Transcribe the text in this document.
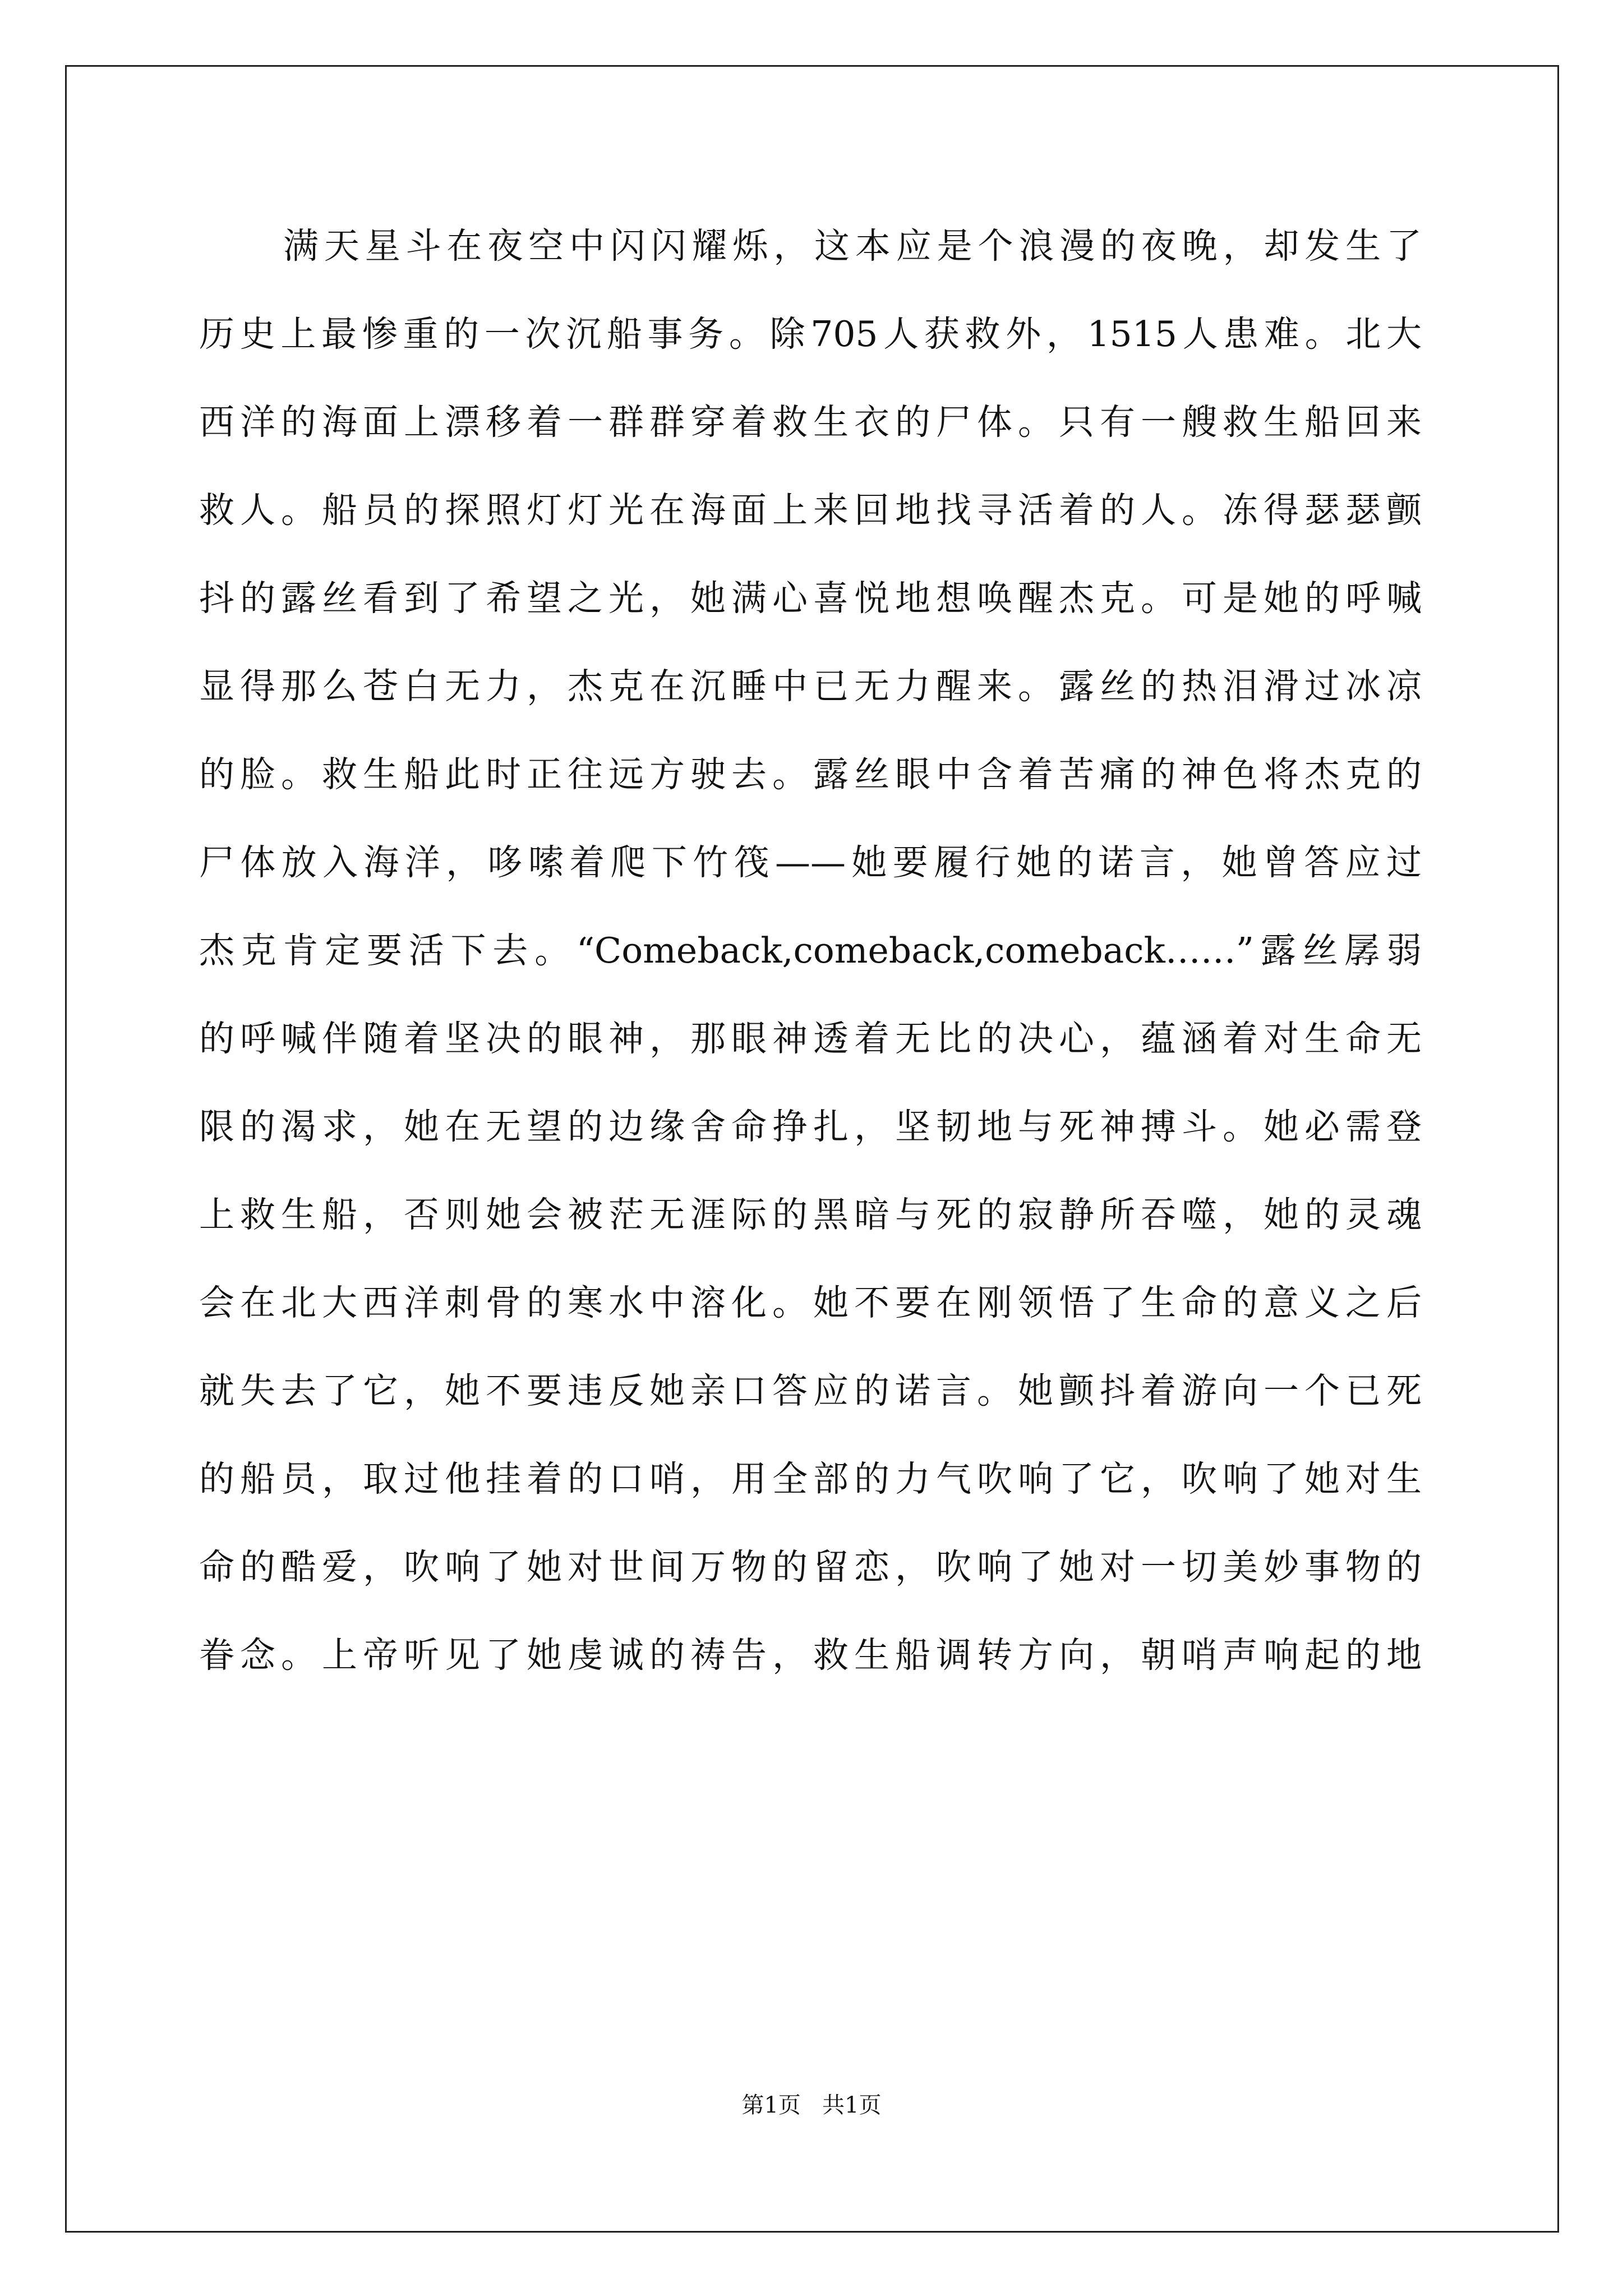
满天星斗在夜空中闪闪耀烁，这本应是个浪漫的夜晚，却发生了
历史上最惨重的一次沉船事务。除705人获救外，1515人患难。北大
西洋的海面上漂移着一群群穿着救生衣的尸体。只有一艘救生船回来
救人。船员的探照灯灯光在海面上来回地找寻活着的人。冻得瑟瑟颤
抖的露丝看到了希望之光，她满心喜悦地想唤醒杰克。可是她的呼喊
显得那么苍白无力，杰克在沉睡中已无力醒来。露丝的热泪滑过冰凉
的脸。救生船此时正往远方驶去。露丝眼中含着苦痛的神色将杰克的
尸体放入海洋，哆嗦着爬下竹筏——她要履行她的诺言，她曾答应过
杰克肯定要活下去。“Comeback,comeback,comeback……”露丝孱弱
的呼喊伴随着坚决的眼神，那眼神透着无比的决心，蕴涵着对生命无
限的渴求，她在无望的边缘舍命挣扎，坚韧地与死神搏斗。她必需登
上救生船，否则她会被茫无涯际的黑暗与死的寂静所吞噬，她的灵魂
会在北大西洋刺骨的寒水中溶化。她不要在刚领悟了生命的意义之后
就失去了它，她不要违反她亲口答应的诺言。她颤抖着游向一个已死
的船员，取过他挂着的口哨，用全部的力气吹响了它，吹响了她对生
命的酷爱，吹响了她对世间万物的留恋，吹响了她对一切美妙事物的
眷念。上帝听见了她虔诚的祷告，救生船调转方向，朝哨声响起的地
第1页   共1页
